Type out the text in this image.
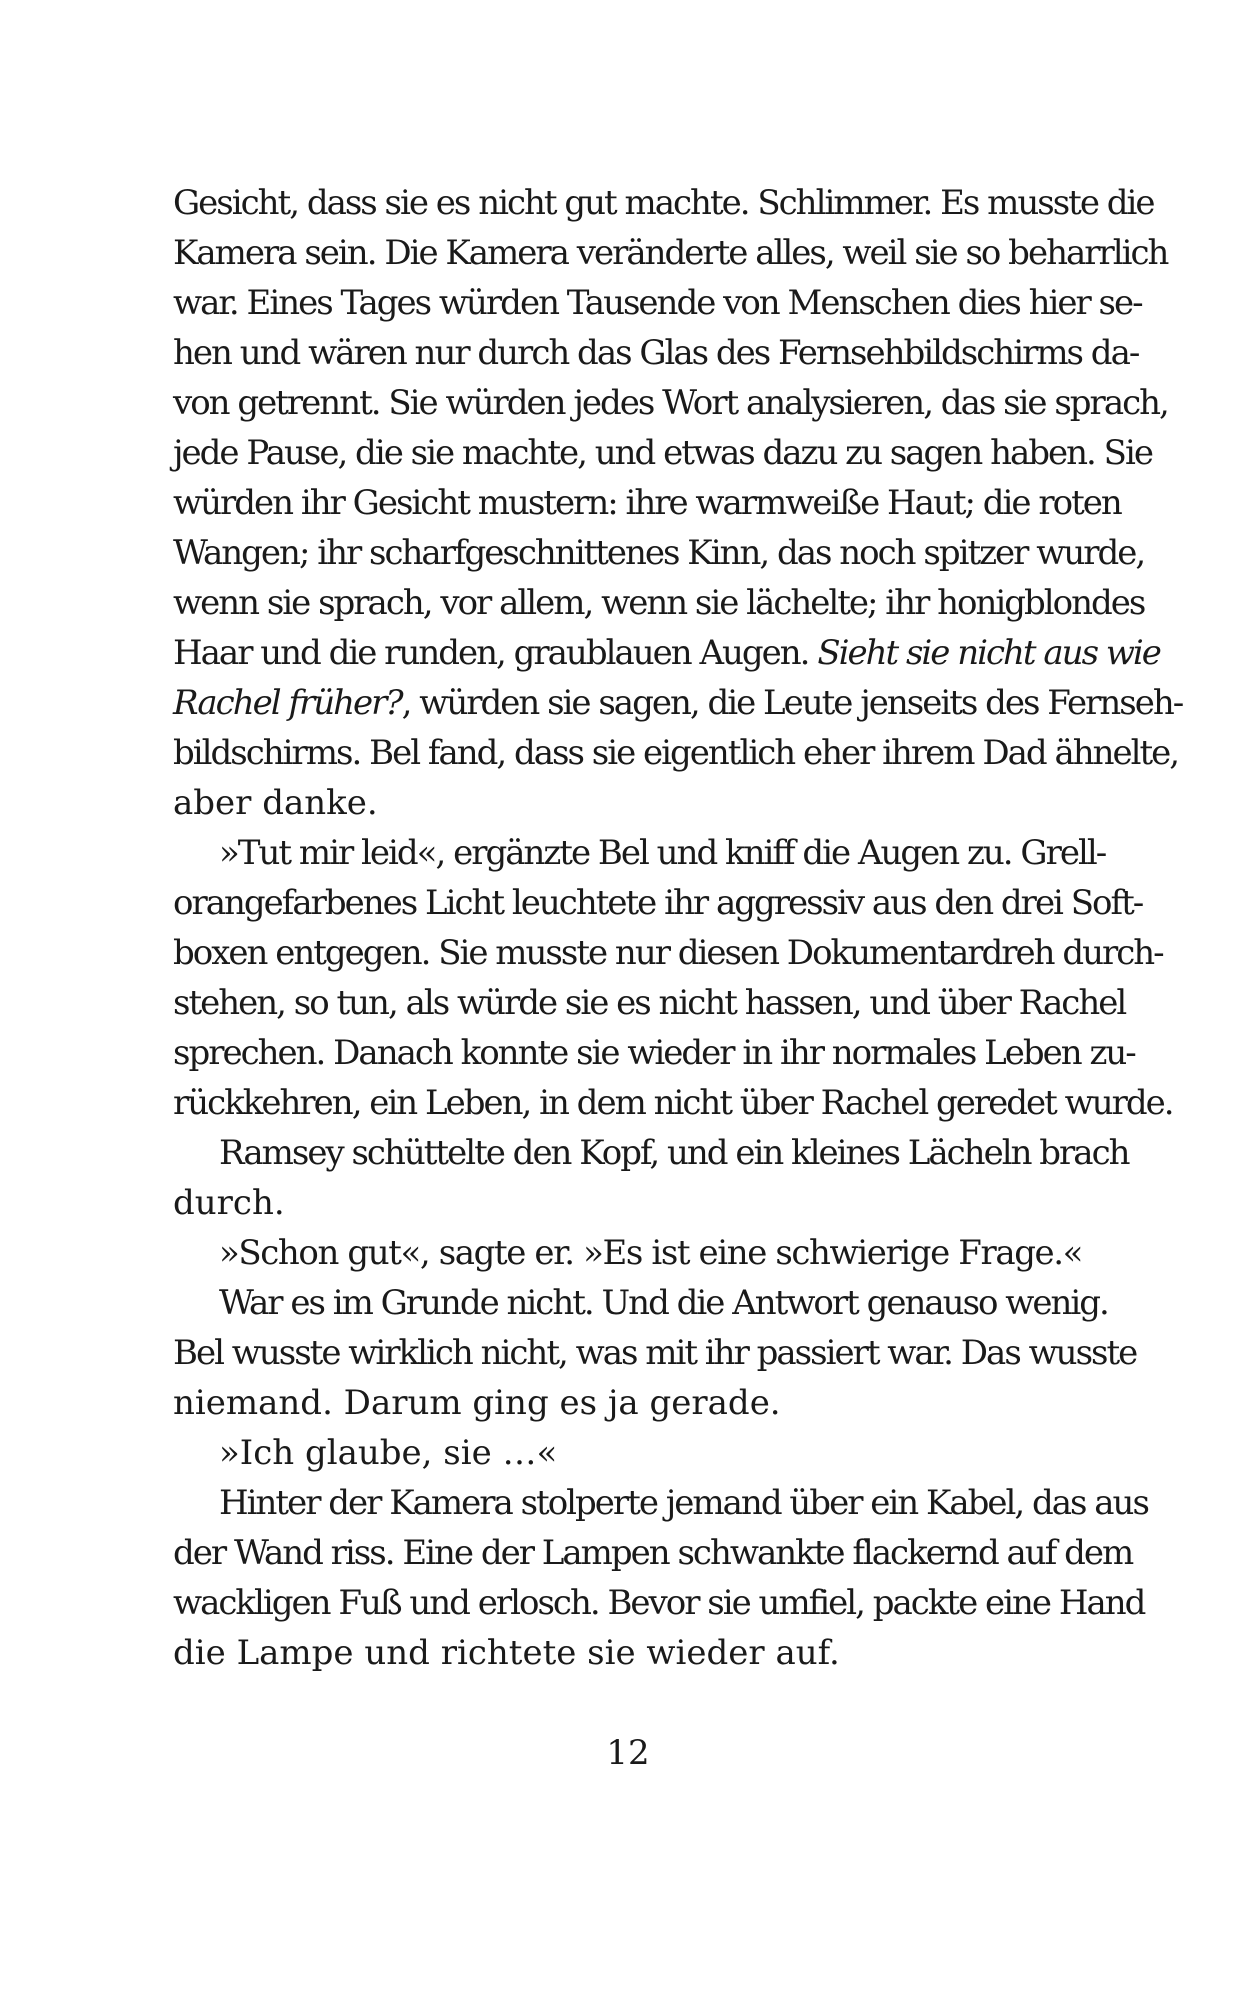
Gesicht, dass sie es nicht gut machte. Schlimmer. Es musste die
Kamera sein. Die Kamera veränderte alles, weil sie so beharrlich
war. Eines Tages würden Tausende von Menschen dies hier se-
hen und wären nur durch das Glas des Fernsehbildschirms da-
von getrennt. Sie würden jedes Wort analysieren, das sie sprach,
jede Pause, die sie machte, und etwas dazu zu sagen haben. Sie
würden ihr Gesicht mustern: ihre warmweiße Haut; die roten
Wangen; ihr scharfgeschnittenes Kinn, das noch spitzer wurde,
wenn sie sprach, vor allem, wenn sie lächelte; ihr honigblondes
Haar und die runden, graublauen Augen. Sieht sie nicht aus wie
Rachel früher?, würden sie sagen, die Leute jenseits des Fernseh-
bildschirms. Bel fand, dass sie eigentlich eher ihrem Dad ähnelte,
aber danke.
»Tut mir leid«, ergänzte Bel und kniff die Augen zu. Grell-
orangefarbenes Licht leuchtete ihr aggressiv aus den drei Soft-
boxen entgegen. Sie musste nur diesen Dokumentardreh durch-
stehen, so tun, als würde sie es nicht hassen, und über Rachel
sprechen. Danach konnte sie wieder in ihr normales Leben zu-
rückkehren, ein Leben, in dem nicht über Rachel geredet wurde.
Ramsey schüttelte den Kopf, und ein kleines Lächeln brach
durch.
»Schon gut«, sagte er. »Es ist eine schwierige Frage.«
War es im Grunde nicht. Und die Antwort genauso wenig.
Bel wusste wirklich nicht, was mit ihr passiert war. Das wusste
niemand. Darum ging es ja gerade.
»Ich glaube, sie …«
Hinter der Kamera stolperte jemand über ein Kabel, das aus
der Wand riss. Eine der Lampen schwankte flackernd auf dem
wackligen Fuß und erlosch. Bevor sie umfiel, packte eine Hand
die Lampe und richtete sie wieder auf.
12
